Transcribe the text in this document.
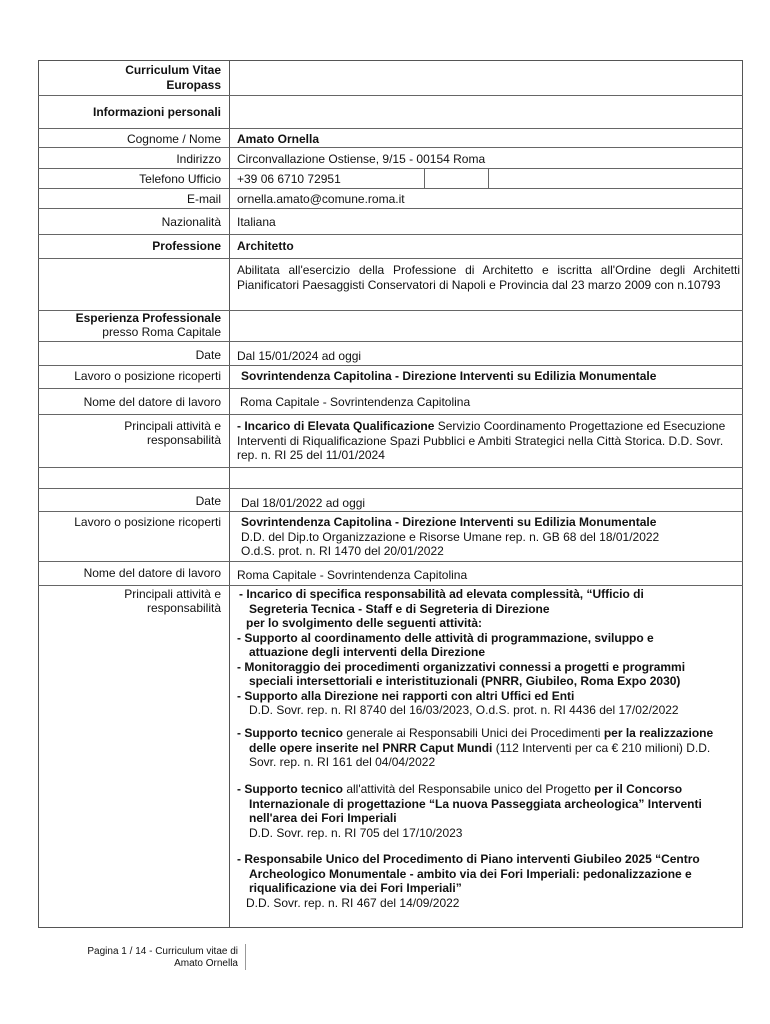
Curriculum Vitae
Europass
Informazioni personali
Cognome / Nome Amato Ornella
Indirizzo Circonvallazione Ostiense, 9/15 - 00154 Roma
Telefono Ufficio +39 06 6710 72951
E-mail ornella.amato@comune.roma.it
Nazionalità Italiana
Professione Architetto
Abilitata all'esercizio della Professione di Architetto e iscritta all'Ordine degli Architetti Pianificatori Paesaggisti Conservatori di Napoli e Provincia dal 23 marzo 2009 con n.10793
Esperienza Professionale
presso Roma Capitale
Date Dal 15/01/2024 ad oggi
Lavoro o posizione ricoperti Sovrintendenza Capitolina - Direzione Interventi su Edilizia Monumentale
Nome del datore di lavoro Roma Capitale - Sovrintendenza Capitolina
Principali attività e
responsabilità
- Incarico di Elevata Qualificazione Servizio Coordinamento Progettazione ed Esecuzione Interventi di Riqualificazione Spazi Pubblici e Ambiti Strategici nella Città Storica. D.D. Sovr. rep. n. RI 25 del 11/01/2024
Date Dal 18/01/2022 ad oggi
Lavoro o posizione ricoperti Sovrintendenza Capitolina - Direzione Interventi su Edilizia Monumentale
D.D. del Dip.to Organizzazione e Risorse Umane rep. n. GB 68 del 18/01/2022
O.d.S. prot. n. RI 1470 del 20/01/2022
Nome del datore di lavoro Roma Capitale - Sovrintendenza Capitolina
Principali attività e
responsabilità
- Incarico di specifica responsabilità ad elevata complessità, “Ufficio di
Segreteria Tecnica - Staff e di Segreteria di Direzione
per lo svolgimento delle seguenti attività:
- Supporto al coordinamento delle attività di programmazione, sviluppo e
attuazione degli interventi della Direzione
- Monitoraggio dei procedimenti organizzativi connessi a progetti e programmi
speciali intersettoriali e interistituzionali (PNRR, Giubileo, Roma Expo 2030)
- Supporto alla Direzione nei rapporti con altri Uffici ed Enti
D.D. Sovr. rep. n. RI 8740 del 16/03/2023, O.d.S. prot. n. RI 4436 del 17/02/2022
- Supporto tecnico generale ai Responsabili Unici dei Procedimenti per la realizzazione
delle opere inserite nel PNRR Caput Mundi (112 Interventi per ca € 210 milioni) D.D.
Sovr. rep. n. RI 161 del 04/04/2022
- Supporto tecnico all'attività del Responsabile unico del Progetto per il Concorso
Internazionale di progettazione “La nuova Passeggiata archeologica” Interventi
nell'area dei Fori Imperiali
D.D. Sovr. rep. n. RI 705 del 17/10/2023
- Responsabile Unico del Procedimento di Piano interventi Giubileo 2025 “Centro
Archeologico Monumentale - ambito via dei Fori Imperiali: pedonalizzazione e
riqualificazione via dei Fori Imperiali”
D.D. Sovr. rep. n. RI 467 del 14/09/2022
Pagina 1 / 14 - Curriculum vitae di
Amato Ornella
